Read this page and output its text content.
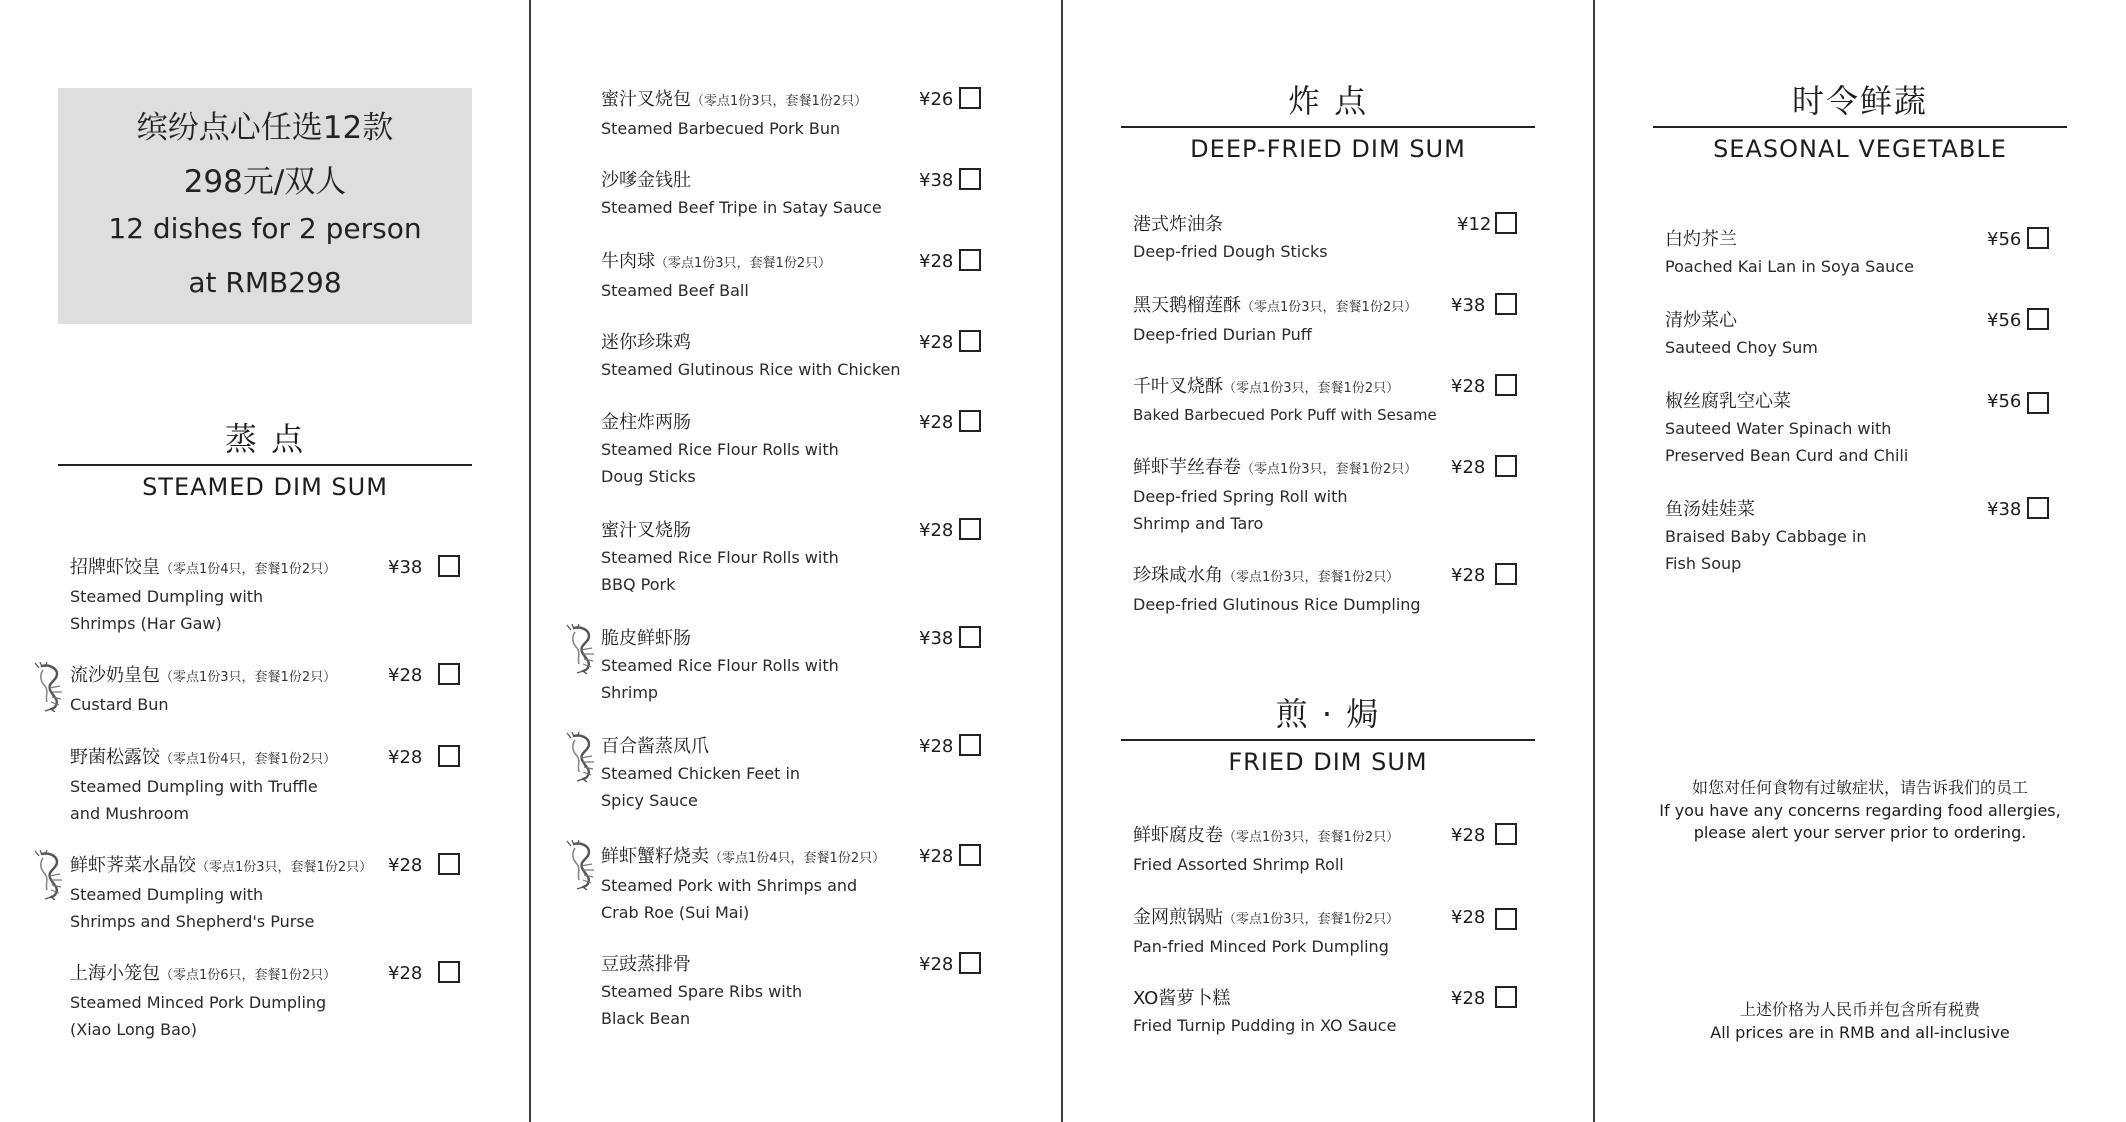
缤纷点心任选12款
298元/双人
12 dishes for 2 person
at RMB298
蒸 点
STEAMED DIM SUM
招牌虾饺皇（零点1份4只，套餐1份2只）
Steamed Dumpling with
Shrimps (Har Gaw)
¥38
流沙奶皇包（零点1份3只，套餐1份2只）
Custard Bun
¥28
野菌松露饺（零点1份4只，套餐1份2只）
Steamed Dumpling with Truffle
and Mushroom
¥28
鲜虾荠菜水晶饺（零点1份3只，套餐1份2只）
Steamed Dumpling with
Shrimps and Shepherd's Purse
¥28
上海小笼包（零点1份6只，套餐1份2只）
Steamed Minced Pork Dumpling
(Xiao Long Bao)
¥28
蜜汁叉烧包（零点1份3只，套餐1份2只）
Steamed Barbecued Pork Bun
¥26
沙嗲金钱肚
Steamed Beef Tripe in Satay Sauce
¥38
牛肉球（零点1份3只，套餐1份2只）
Steamed Beef Ball
¥28
迷你珍珠鸡
Steamed Glutinous Rice with Chicken
¥28
金柱炸两肠
Steamed Rice Flour Rolls with
Doug Sticks
¥28
蜜汁叉烧肠
Steamed Rice Flour Rolls with
BBQ Pork
¥28
脆皮鲜虾肠
Steamed Rice Flour Rolls with
Shrimp
¥38
百合酱蒸凤爪
Steamed Chicken Feet in
Spicy Sauce
¥28
鲜虾蟹籽烧卖（零点1份4只，套餐1份2只）
Steamed Pork with Shrimps and
Crab Roe (Sui Mai)
¥28
豆豉蒸排骨
Steamed Spare Ribs with
Black Bean
¥28
炸 点
DEEP-FRIED DIM SUM
港式炸油条
Deep-fried Dough Sticks
¥12
黑天鹅榴莲酥（零点1份3只，套餐1份2只）
Deep-fried Durian Puff
¥38
千叶叉烧酥（零点1份3只，套餐1份2只）
Baked Barbecued Pork Puff with Sesame
¥28
鲜虾芋丝春卷（零点1份3只，套餐1份2只）
Deep-fried Spring Roll with
Shrimp and Taro
¥28
珍珠咸水角（零点1份3只，套餐1份2只）
Deep-fried Glutinous Rice Dumpling
¥28
煎 · 焗
FRIED DIM SUM
鲜虾腐皮卷（零点1份3只，套餐1份2只）
Fried Assorted Shrimp Roll
¥28
金网煎锅贴（零点1份3只，套餐1份2只）
Pan-fried Minced Pork Dumpling
¥28
XO酱萝卜糕
Fried Turnip Pudding in XO Sauce
¥28
时令鲜蔬
SEASONAL VEGETABLE
白灼芥兰
Poached Kai Lan in Soya Sauce
¥56
清炒菜心
Sauteed Choy Sum
¥56
椒丝腐乳空心菜
Sauteed Water Spinach with
Preserved Bean Curd and Chili
¥56
鱼汤娃娃菜
Braised Baby Cabbage in
Fish Soup
¥38
如您对任何食物有过敏症状，请告诉我们的员工
If you have any concerns regarding food allergies,
please alert your server prior to ordering.
上述价格为人民币并包含所有税费
All prices are in RMB and all-inclusive
